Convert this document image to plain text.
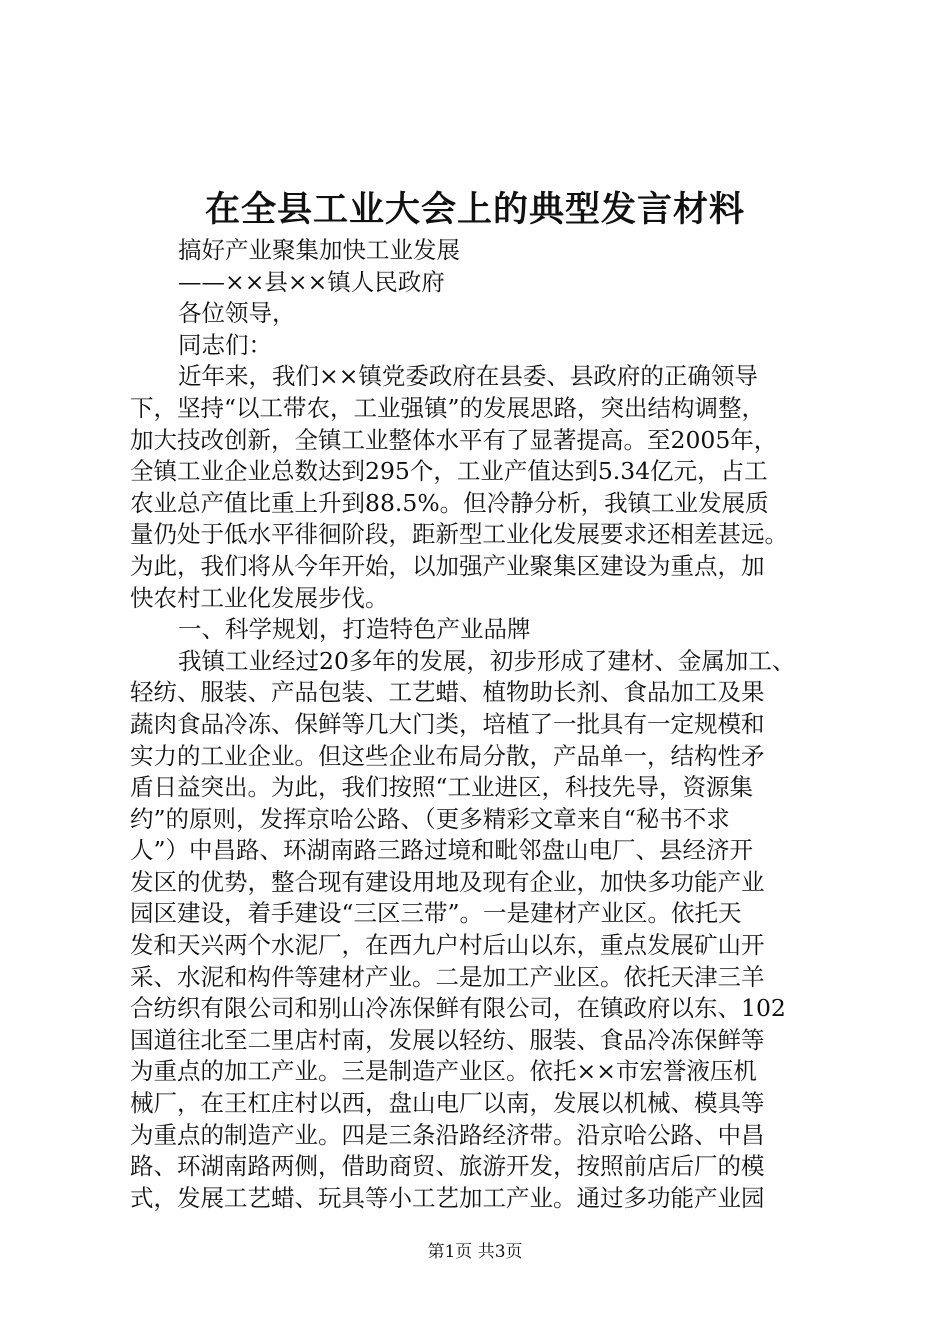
在全县工业大会上的典型发言材料
搞好产业聚集加快工业发展
——××县××镇人民政府
各位领导，
同志们：
近年来，我们××镇党委政府在县委、县政府的正确领导
下，坚持“以工带农，工业强镇”的发展思路，突出结构调整，
加大技改创新，全镇工业整体水平有了显著提高。至2005年，
全镇工业企业总数达到295个，工业产值达到5.34亿元，占工
农业总产值比重上升到88.5%。但冷静分析，我镇工业发展质
量仍处于低水平徘徊阶段，距新型工业化发展要求还相差甚远。
为此，我们将从今年开始，以加强产业聚集区建设为重点，加
快农村工业化发展步伐。
一、科学规划，打造特色产业品牌
我镇工业经过20多年的发展，初步形成了建材、金属加工、
轻纺、服装、产品包装、工艺蜡、植物助长剂、食品加工及果
蔬肉食品冷冻、保鲜等几大门类，培植了一批具有一定规模和
实力的工业企业。但这些企业布局分散，产品单一，结构性矛
盾日益突出。为此，我们按照“工业进区，科技先导，资源集
约”的原则，发挥京哈公路、（更多精彩文章来自“秘书不求
人”）中昌路、环湖南路三路过境和毗邻盘山电厂、县经济开
发区的优势，整合现有建设用地及现有企业，加快多功能产业
园区建设，着手建设“三区三带”。一是建材产业区。依托天
发和天兴两个水泥厂，在西九户村后山以东，重点发展矿山开
采、水泥和构件等建材产业。二是加工产业区。依托天津三羊
合纺织有限公司和别山冷冻保鲜有限公司，在镇政府以东、102
国道往北至二里店村南，发展以轻纺、服装、食品冷冻保鲜等
为重点的加工产业。三是制造产业区。依托××市宏誉液压机
械厂，在王杠庄村以西，盘山电厂以南，发展以机械、模具等
为重点的制造产业。四是三条沿路经济带。沿京哈公路、中昌
路、环湖南路两侧，借助商贸、旅游开发，按照前店后厂的模
式，发展工艺蜡、玩具等小工艺加工产业。通过多功能产业园
第1页 共3页
